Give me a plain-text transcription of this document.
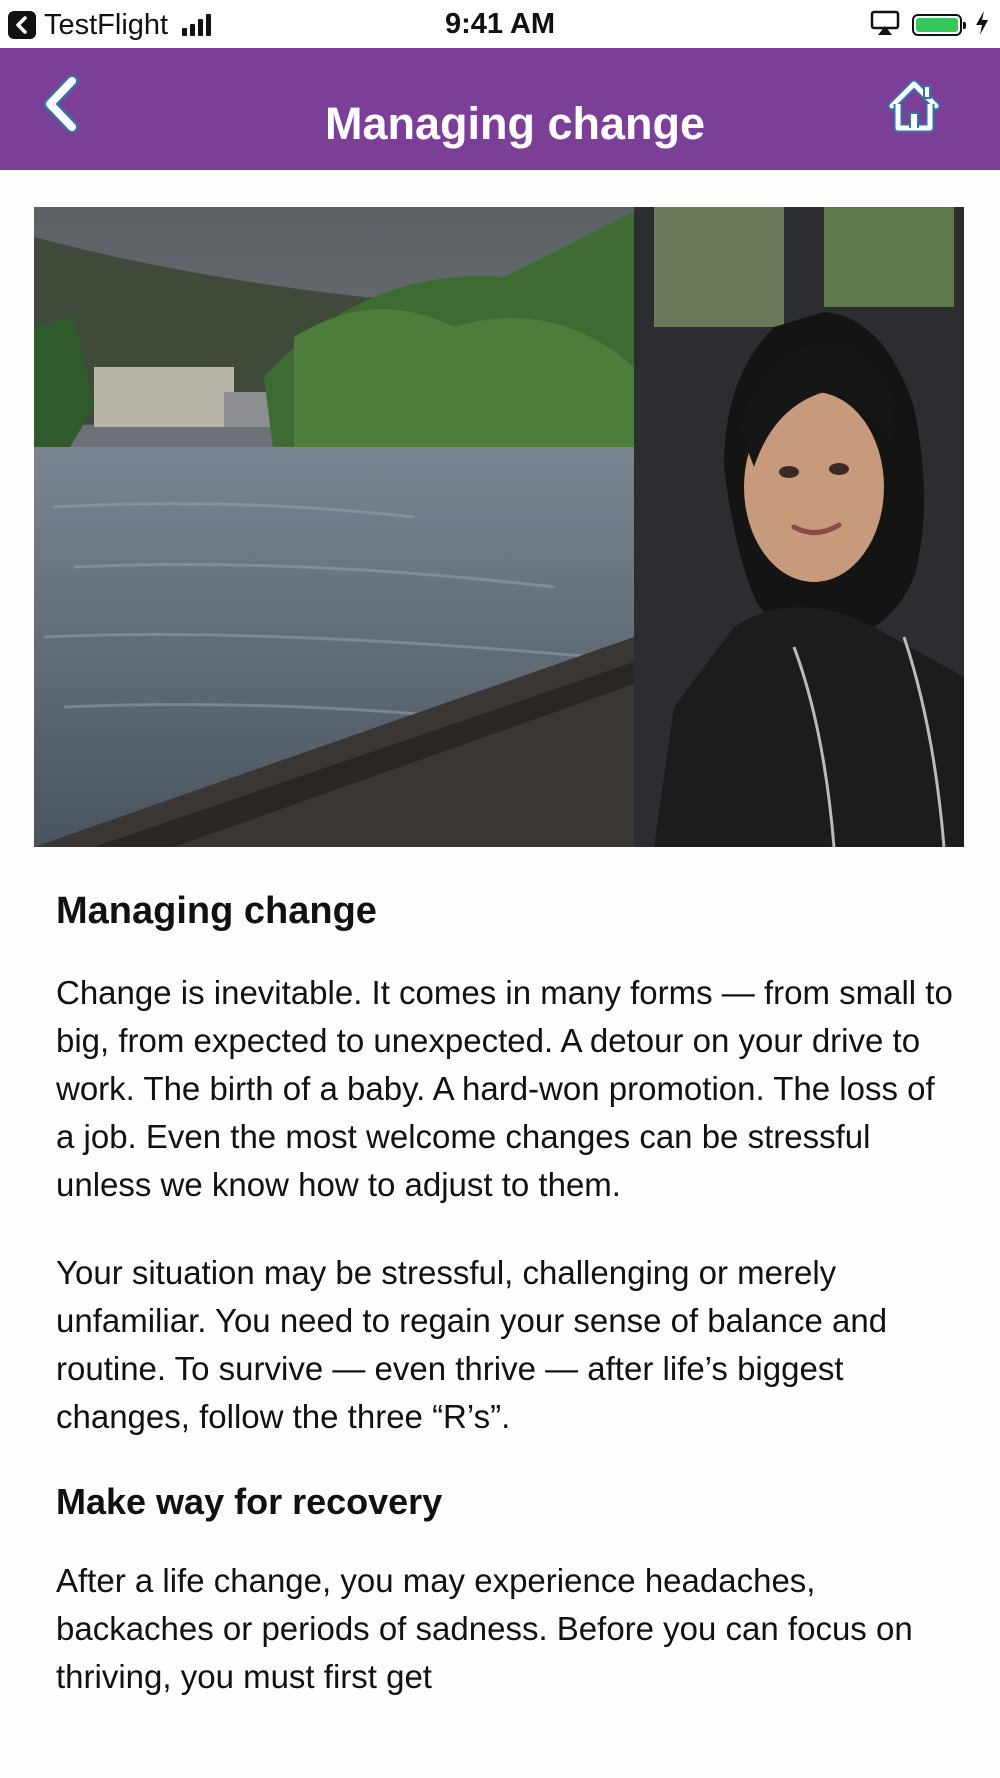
TestFlight	9:41 AM
Managing change
Managing change

Change is inevitable. It comes in many forms — from small to big, from expected to unexpected. A detour on your drive to work. The birth of a baby. A hard-won promotion. The loss of a job. Even the most welcome changes can be stressful unless we know how to adjust to them.

Your situation may be stressful, challenging or merely unfamiliar. You need to regain your sense of balance and routine. To survive — even thrive — after life’s biggest changes, follow the three “R’s”.

Make way for recovery

After a life change, you may experience headaches, backaches or periods of sadness. Before you can focus on thriving, you must first get
